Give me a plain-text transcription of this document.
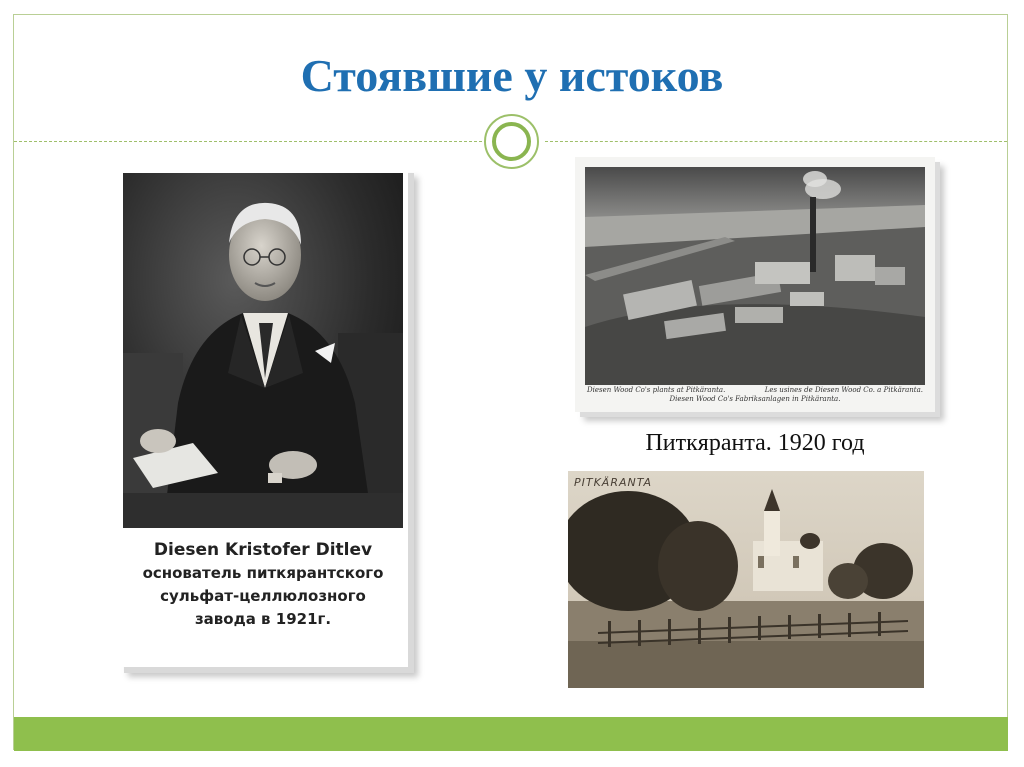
Стоявшие у истоков
Diesen Kristofer Ditlev
основатель питкярантского
сульфат-целлюлозного
завода в 1921г.
Diesen Wood Co's plants at Pitkäranta.	Les usines de Diesen Wood Co. a Pitkäranta.
Diesen Wood Co's Fabriksanlagen in Pitkäranta.
Питкяранта. 1920 год
PITKÄRANTA
